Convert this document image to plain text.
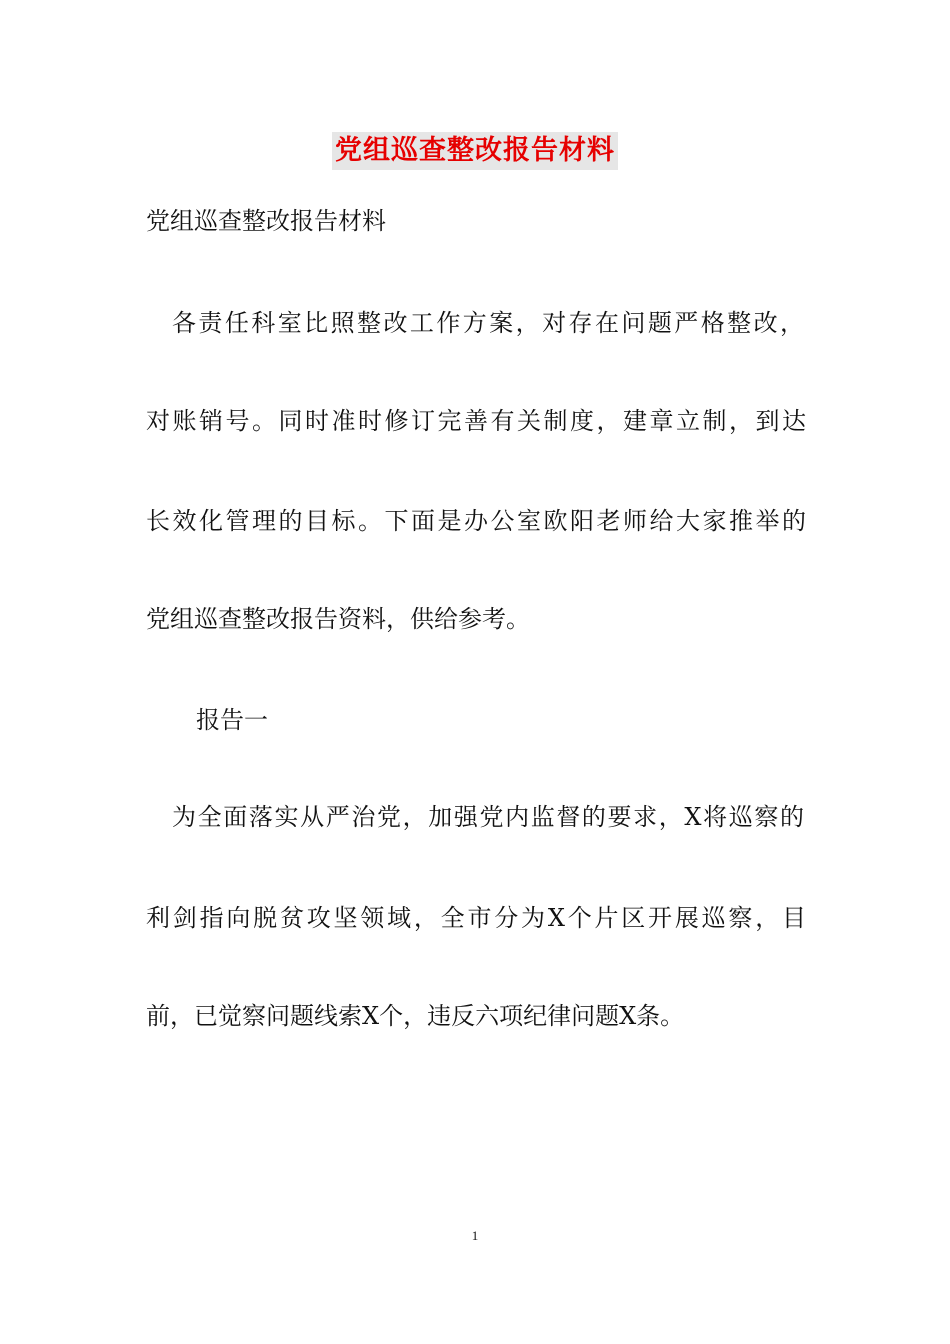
党组巡查整改报告材料
党组巡查整改报告材料
各责任科室比照整改工作方案，对存在问题严格整改，
对账销号。同时准时修订完善有关制度，建章立制，到达
长效化管理的目标。下面是办公室欧阳老师给大家推举的
党组巡查整改报告资料，供给参考。
报告一
为全面落实从严治党，加强党内监督的要求，X将巡察的
利剑指向脱贫攻坚领域，全市分为X个片区开展巡察，目
前，已觉察问题线索X个，违反六项纪律问题X条。
1
